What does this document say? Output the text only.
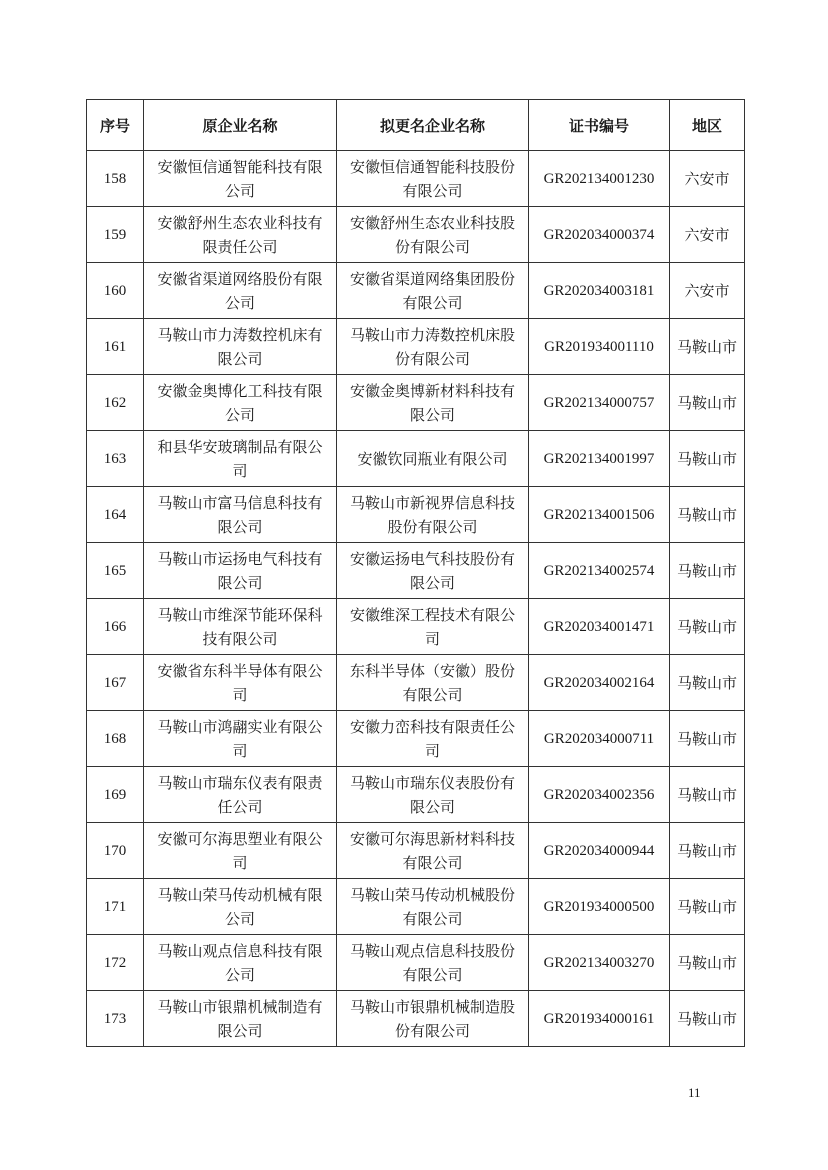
序号	原企业名称	拟更名企业名称	证书编号	地区
158	安徽恒信通智能科技有限公司	安徽恒信通智能科技股份有限公司	GR202134001230	六安市
159	安徽舒州生态农业科技有限责任公司	安徽舒州生态农业科技股份有限公司	GR202034000374	六安市
160	安徽省渠道网络股份有限公司	安徽省渠道网络集团股份有限公司	GR202034003181	六安市
161	马鞍山市力涛数控机床有限公司	马鞍山市力涛数控机床股份有限公司	GR201934001110	马鞍山市
162	安徽金奥博化工科技有限公司	安徽金奥博新材料科技有限公司	GR202134000757	马鞍山市
163	和县华安玻璃制品有限公司	安徽钦同瓶业有限公司	GR202134001997	马鞍山市
164	马鞍山市富马信息科技有限公司	马鞍山市新视界信息科技股份有限公司	GR202134001506	马鞍山市
165	马鞍山市运扬电气科技有限公司	安徽运扬电气科技股份有限公司	GR202134002574	马鞍山市
166	马鞍山市维深节能环保科技有限公司	安徽维深工程技术有限公司	GR202034001471	马鞍山市
167	安徽省东科半导体有限公司	东科半导体（安徽）股份有限公司	GR202034002164	马鞍山市
168	马鞍山市鸿翮实业有限公司	安徽力峦科技有限责任公司	GR202034000711	马鞍山市
169	马鞍山市瑞东仪表有限责任公司	马鞍山市瑞东仪表股份有限公司	GR202034002356	马鞍山市
170	安徽可尔海思塑业有限公司	安徽可尔海思新材料科技有限公司	GR202034000944	马鞍山市
171	马鞍山荣马传动机械有限公司	马鞍山荣马传动机械股份有限公司	GR201934000500	马鞍山市
172	马鞍山观点信息科技有限公司	马鞍山观点信息科技股份有限公司	GR202134003270	马鞍山市
173	马鞍山市银鼎机械制造有限公司	马鞍山市银鼎机械制造股份有限公司	GR201934000161	马鞍山市
11
